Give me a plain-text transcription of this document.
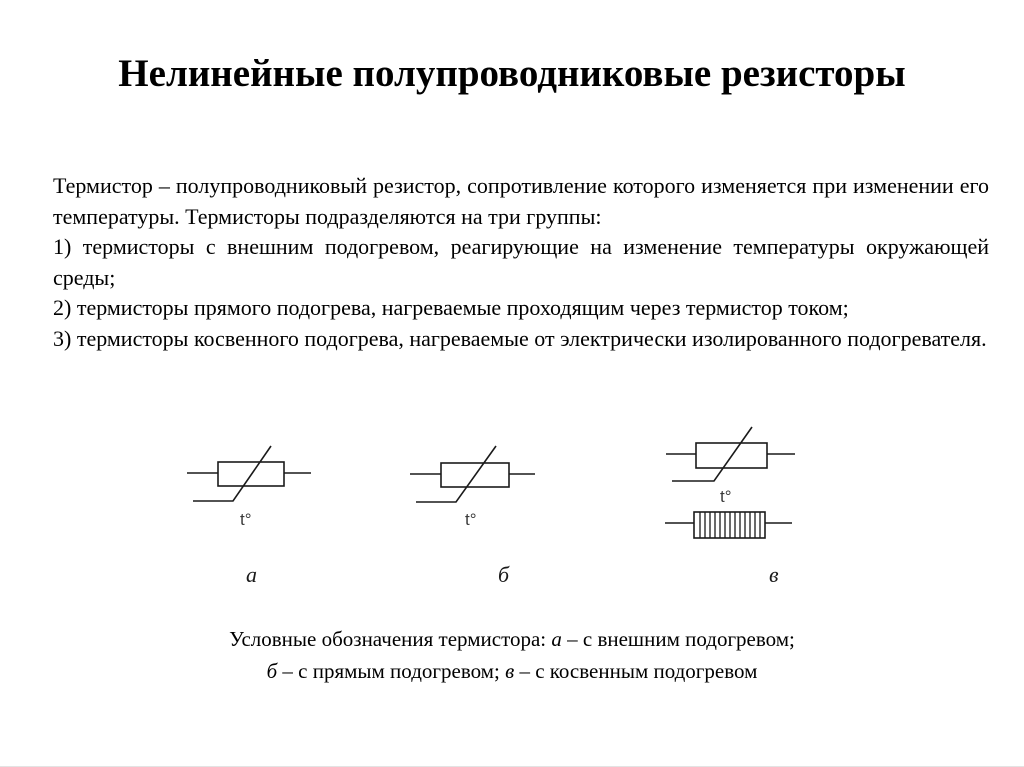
Нелинейные полупроводниковые резисторы

Термистор – полупроводниковый резистор, сопротивление которого изменяется при изменении его температуры. Термисторы подразделяются на три группы:

1) термисторы с внешним подогревом, реагирующие на изменение температуры окружающей среды;

2) термисторы прямого подогрева, нагреваемые проходящим через термистор током;

3) термисторы косвенного подогрева, нагреваемые от электрически изолированного подогревателя.

t°	t°
t°
а	б	в
Условные обозначения термистора: а – с внешним подогревом;
б – с прямым подогревом; в – с косвенным подогревом
